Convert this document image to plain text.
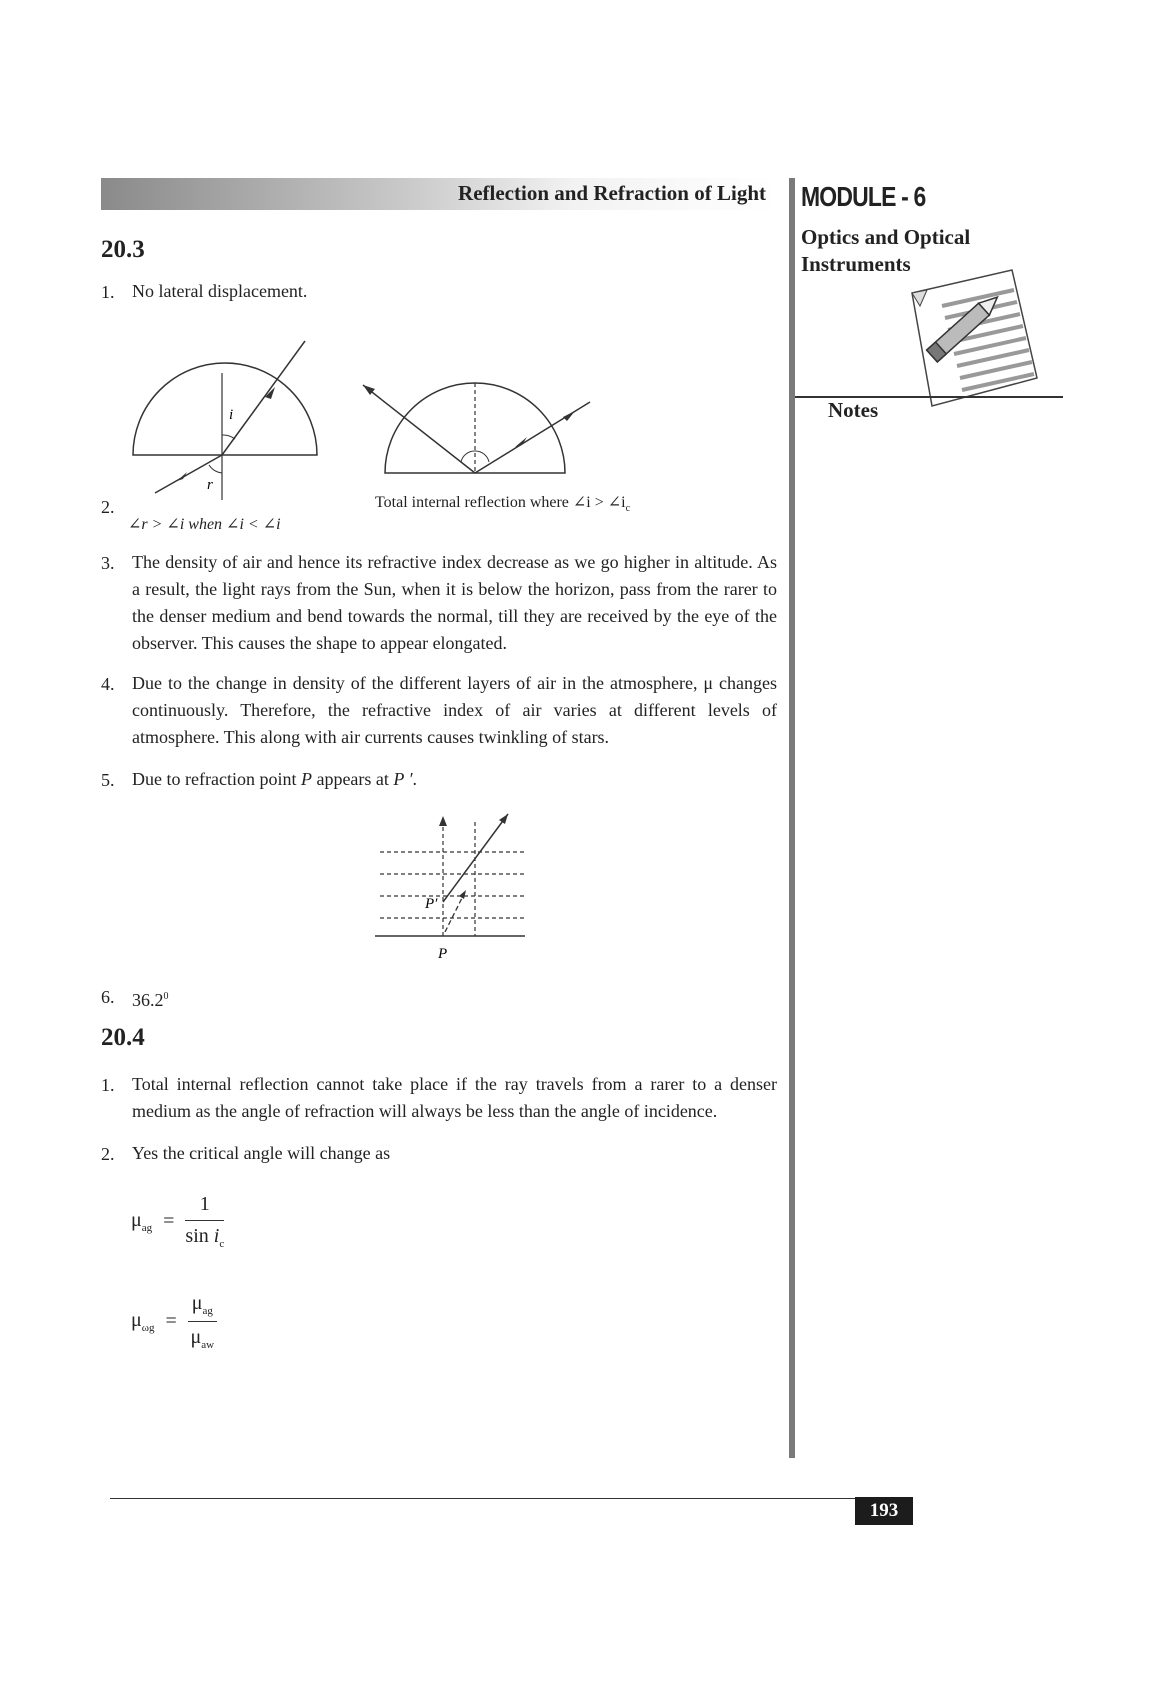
Reflection and Refraction of Light MODULE - 6
Optics and Optical
Instruments
Notes
20.3
1. No lateral displacement.
2.
i
r
∠r > ∠i when ∠i < ∠i
Total internal reflection where ∠i > $\angle i_c$
3. The density of air and hence its refractive index decrease as we go higher in altitude. As a result, the light rays from the Sun, when it is below the horizon, pass from the rarer to the denser medium and bend towards the normal, till they are received by the eye of the observer. This causes the shape to appear elongated.
4. Due to the change in density of the different layers of air in the atmosphere, μ changes continuously. Therefore, the refractive index of air varies at different levels of atmosphere. This along with air currents causes twinkling of stars.
5. Due to refraction point P appears at P ′.
P′
P
6. 36.2$^0$
20.4
1. Total internal reflection cannot take place if the ray travels from a rarer to a denser medium as the angle of refraction will always be less than the angle of incidence.
2. Yes the critical angle will change as
$\mu_{ag} = \frac{1}{\sin i_c}$
$\mu_{\omega g} = \frac{\mu_{ag}}{\mu_{aw}}$
193
